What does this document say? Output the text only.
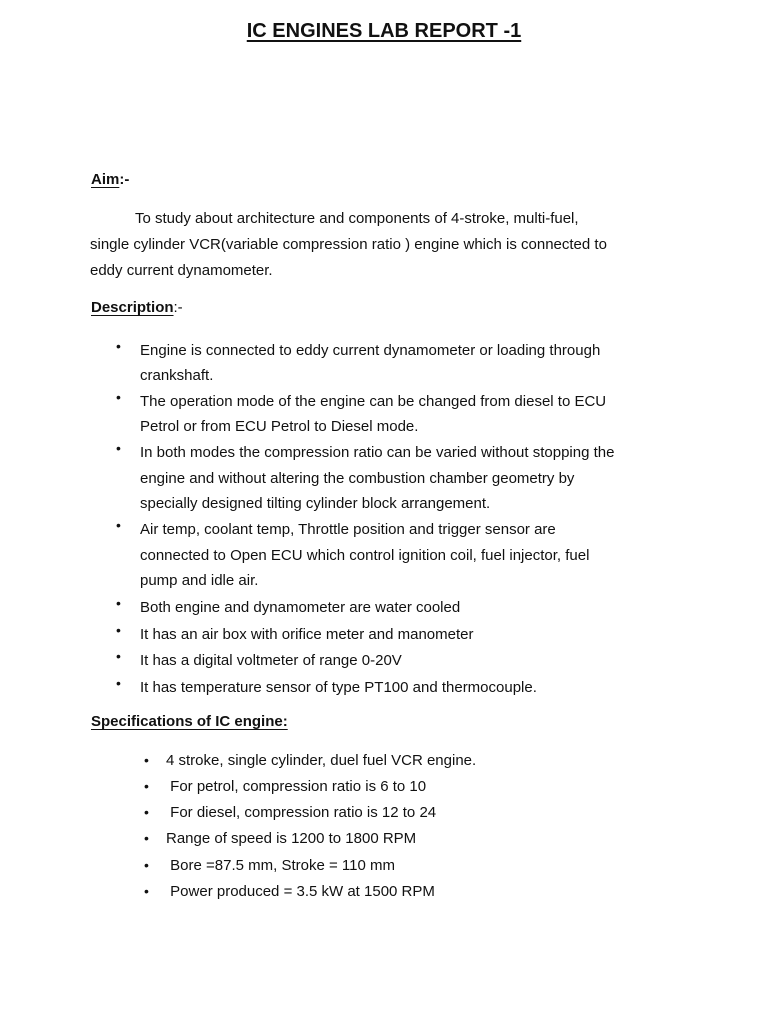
IC ENGINES LAB REPORT -1
Aim:-
To study about architecture and components of 4-stroke, multi-fuel,
single cylinder VCR(variable compression ratio ) engine which is connected to
eddy current dynamometer.
Description:-
• Engine is connected to eddy current dynamometer or loading through
crankshaft.
• The operation mode of the engine can be changed from diesel to ECU
Petrol or from ECU Petrol to Diesel mode.
• In both modes the compression ratio can be varied without stopping the
engine and without altering the combustion chamber geometry by
specially designed tilting cylinder block arrangement.
• Air temp, coolant temp, Throttle position and trigger sensor are
connected to Open ECU which control ignition coil, fuel injector, fuel
pump and idle air.
• Both engine and dynamometer are water cooled
• It has an air box with orifice meter and manometer
• It has a digital voltmeter of range 0-20V
• It has temperature sensor of type PT100 and thermocouple.
Specifications of IC engine:
• 4 stroke, single cylinder, duel fuel VCR engine.
• For petrol, compression ratio is 6 to 10
• For diesel, compression ratio is 12 to 24
• Range of speed is 1200 to 1800 RPM
• Bore =87.5 mm, Stroke = 110 mm
• Power produced = 3.5 kW at 1500 RPM
